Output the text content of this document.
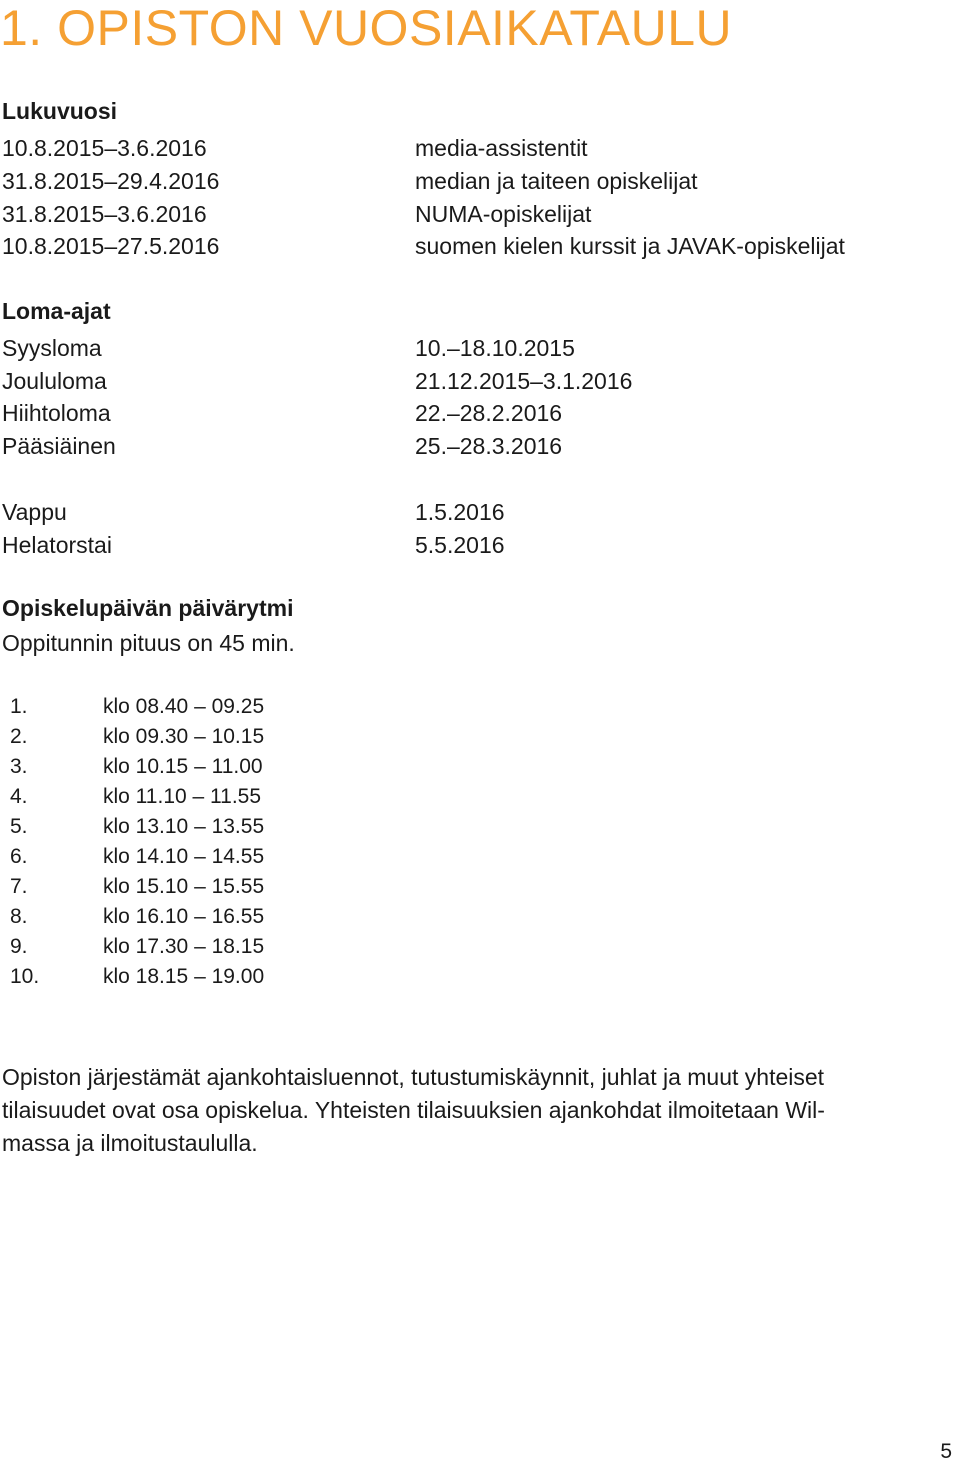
1. OPISTON VUOSIAIKATAULU
Lukuvuosi
10.8.2015–3.6.2016	media-assistentit
31.8.2015–29.4.2016	median ja taiteen opiskelijat
31.8.2015–3.6.2016	NUMA-opiskelijat
10.8.2015–27.5.2016	suomen kielen kurssit ja JAVAK-opiskelijat
Loma-ajat
Syysloma	10.–18.10.2015
Joululoma	21.12.2015–3.1.2016
Hiihtoloma	22.–28.2.2016
Pääsiäinen	25.–28.3.2016
Vappu	1.5.2016
Helatorstai	5.5.2016
Opiskelupäivän päivärytmi
Oppitunnin pituus on 45 min.
1.	klo 08.40 – 09.25
2.	klo 09.30 – 10.15
3.	klo 10.15 – 11.00
4.	klo 11.10 – 11.55
5.	klo 13.10 – 13.55
6.	klo 14.10 – 14.55
7.	klo 15.10 – 15.55
8.	klo 16.10 – 16.55
9.	klo 17.30 – 18.15
10.	klo 18.15 – 19.00
Opiston järjestämät ajankohtaisluennot, tutustumiskäynnit, juhlat ja muut yhteiset
tilaisuudet ovat osa opiskelua. Yhteisten tilaisuuksien ajankohdat ilmoitetaan Wil-
massa ja ilmoitustaululla.
5
